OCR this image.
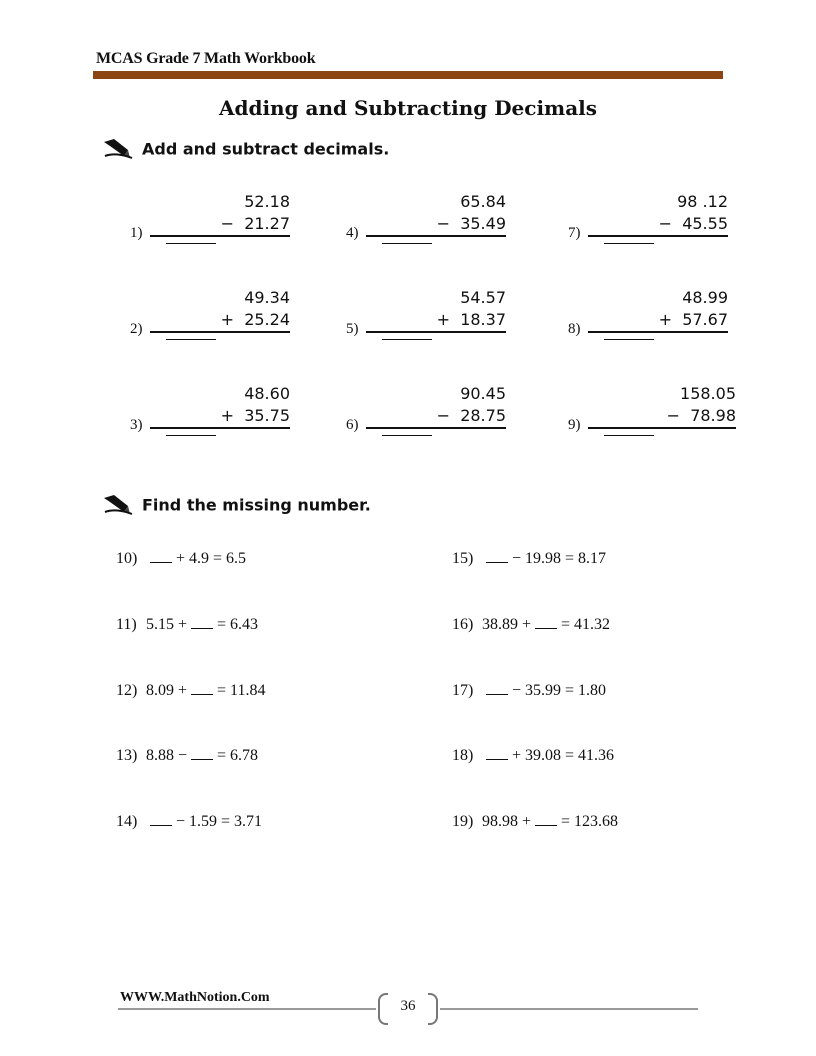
MCAS Grade 7 Math Workbook
Adding and Subtracting Decimals
Add and subtract decimals.
1)
52.18
−  21.27
2)
49.34
+  25.24
3)
48.60
+  35.75
4)
65.84
−  35.49
5)
54.57
+  18.37
6)
90.45
−  28.75
7)
98 .12
−  45.55
8)
48.99
+  57.67
9)
158.05
−  78.98
Find the missing number.
10) + 4.9 = 6.5
11) 5.15 + = 6.43
12) 8.09 + = 11.84
13) 8.88 − = 6.78
14) − 1.59 = 3.71
15) − 19.98 = 8.17
16) 38.89 + = 41.32
17) − 35.99 = 1.80
18) + 39.08 = 41.36
19) 98.98 + = 123.68
WWW.MathNotion.Com
36
